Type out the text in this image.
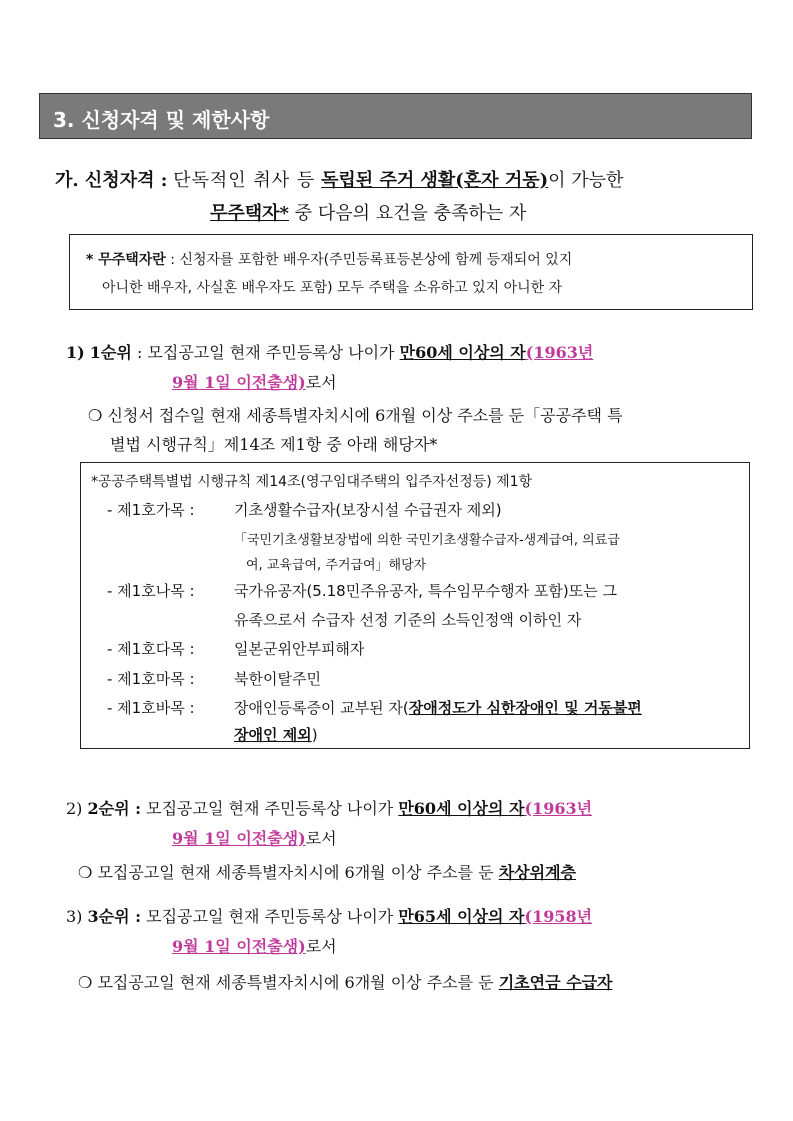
3. 신청자격 및 제한사항
가. 신청자격 : 단독적인 취사 등 독립된 주거 생활(혼자 거동)이 가능한
무주택자* 중 다음의 요건을 충족하는 자
* 무주택자란 : 신청자를 포함한 배우자(주민등록표등본상에 함께 등재되어 있지
아니한 배우자, 사실혼 배우자도 포함) 모두 주택을 소유하고 있지 아니한 자
1) 1순위 : 모집공고일 현재 주민등록상 나이가 만60세 이상의 자(1963년
9월 1일 이전출생)로서
❍ 신청서 접수일 현재 세종특별자치시에 6개월 이상 주소를 둔「공공주택 특
별법 시행규칙」제14조 제1항 중 아래 해당자*
*공공주택특별법 시행규칙 제14조(영구임대주택의 입주자선정등) 제1항
- 제1호가목 :	기초생활수급자(보장시설 수급권자 제외)
「국민기초생활보장법에 의한 국민기초생활수급자-생계급여, 의료급
여, 교육급여, 주거급여」해당자
- 제1호나목 :	국가유공자(5.18민주유공자, 특수임무수행자 포함)또는 그
유족으로서 수급자 선정 기준의 소득인정액 이하인 자
- 제1호다목 :	일본군위안부피해자
- 제1호마목 :	북한이탈주민
- 제1호바목 :	장애인등록증이 교부된 자(장애정도가 심한장애인 및 거동불편
장애인 제외)
2) 2순위 : 모집공고일 현재 주민등록상 나이가 만60세 이상의 자(1963년
9월 1일 이전출생)로서
❍ 모집공고일 현재 세종특별자치시에 6개월 이상 주소를 둔 차상위계층
3) 3순위 : 모집공고일 현재 주민등록상 나이가 만65세 이상의 자(1958년
9월 1일 이전출생)로서
❍ 모집공고일 현재 세종특별자치시에 6개월 이상 주소를 둔 기초연금 수급자
